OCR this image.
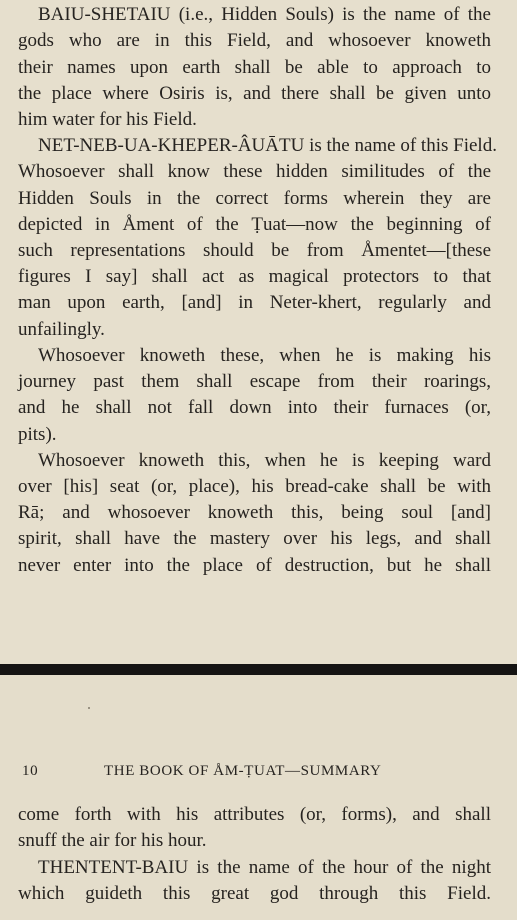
BAIU-SHETAIU (i.e., Hidden Souls) is the name of the

gods who are in this Field, and whosoever knoweth

their names upon earth shall be able to approach to

the place where Osiris is, and there shall be given unto

him water for his Field.

NET-NEB-UA-KHEPER-ÂUĀTU is the name of this Field.

Whosoever shall know these hidden similitudes of the

Hidden Souls in the correct forms wherein they are

depicted in Åment of the Ṭuat—now the beginning of

such representations should be from Åmentet—[these

figures I say] shall act as magical protectors to that

man upon earth, [and] in Neter-khert, regularly and

unfailingly.

Whosoever knoweth these, when he is making his

journey past them shall escape from their roarings,

and he shall not fall down into their furnaces (or,

pits).

Whosoever knoweth this, when he is keeping ward

over [his] seat (or, place), his bread-cake shall be with

Rā; and whosoever knoweth this, being soul [and]

spirit, shall have the mastery over his legs, and shall

never enter into the place of destruction, but he shall

10	THE BOOK OF ÅM-ṬUAT—SUMMARY

come forth with his attributes (or, forms), and shall

snuff the air for his hour.

THENTENT-BAIU is the name of the hour of the night

which guideth this great god through this Field.
